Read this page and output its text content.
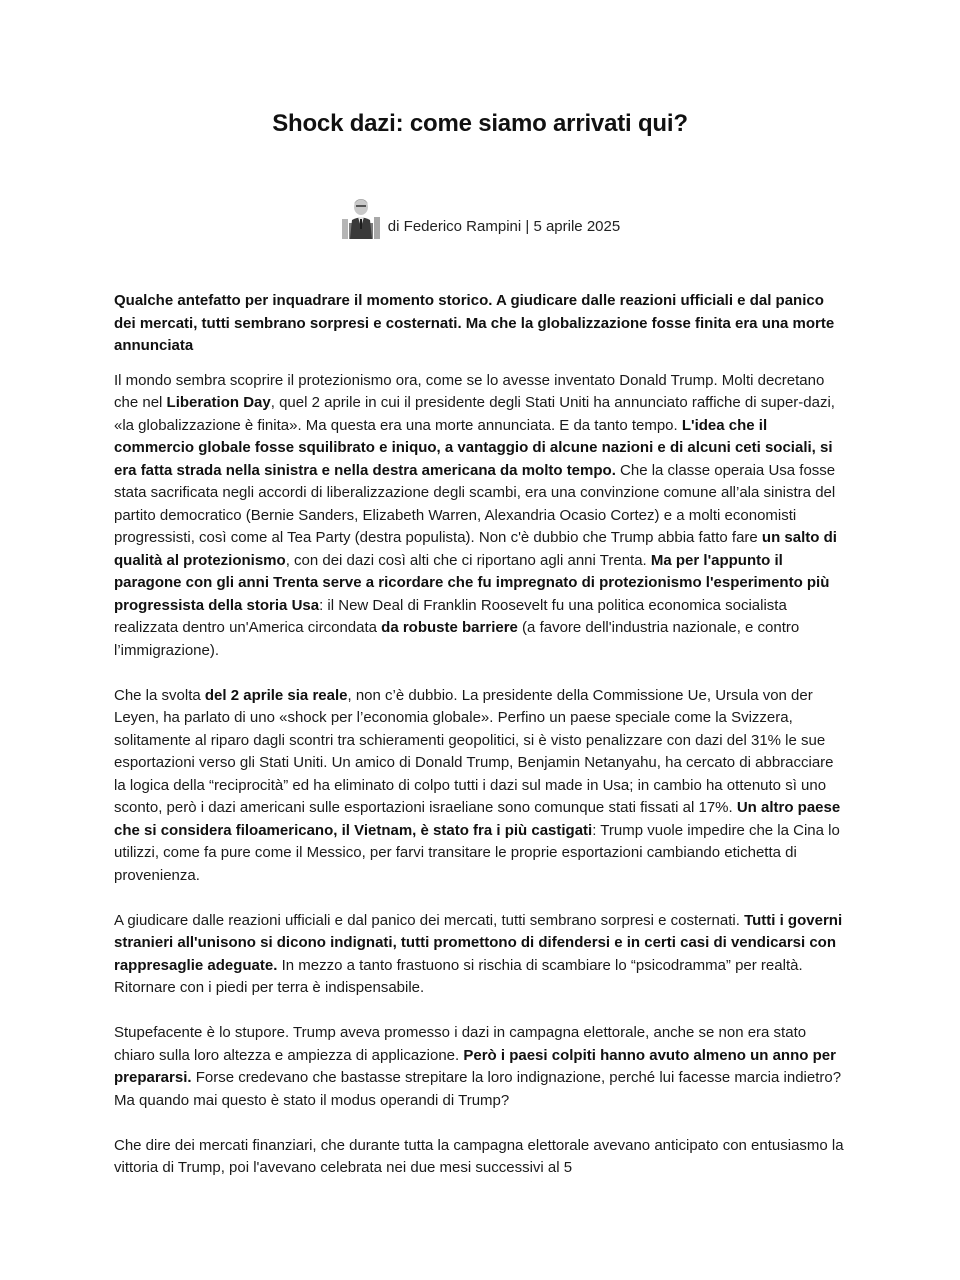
Shock dazi: come siamo arrivati qui?
di Federico Rampini | 5 aprile 2025

Qualche antefatto per inquadrare il momento storico. A giudicare dalle reazioni ufficiali e dal panico dei mercati, tutti sembrano sorpresi e costernati. Ma che la globalizzazione fosse finita era una morte annunciata

Il mondo sembra scoprire il protezionismo ora, come se lo avesse inventato Donald Trump. Molti decretano che nel Liberation Day, quel 2 aprile in cui il presidente degli Stati Uniti ha annunciato raffiche di super-dazi, «la globalizzazione è finita». Ma questa era una morte annunciata. E da tanto tempo. L'idea che il commercio globale fosse squilibrato e iniquo, a vantaggio di alcune nazioni e di alcuni ceti sociali, si era fatta strada nella sinistra e nella destra americana da molto tempo. Che la classe operaia Usa fosse stata sacrificata negli accordi di liberalizzazione degli scambi, era una convinzione comune all’ala sinistra del partito democratico (Bernie Sanders, Elizabeth Warren, Alexandria Ocasio Cortez) e a molti economisti progressisti, così come al Tea Party (destra populista). Non c'è dubbio che Trump abbia fatto fare un salto di qualità al protezionismo, con dei dazi così alti che ci riportano agli anni Trenta. Ma per l'appunto il paragone con gli anni Trenta serve a ricordare che fu impregnato di protezionismo l'esperimento più progressista della storia Usa: il New Deal di Franklin Roosevelt fu una politica economica socialista realizzata dentro un'America circondata da robuste barriere (a favore dell'industria nazionale, e contro l’immigrazione).

Che la svolta del 2 aprile sia reale, non c’è dubbio. La presidente della Commissione Ue, Ursula von der Leyen, ha parlato di uno «shock per l’economia globale». Perfino un paese speciale come la Svizzera, solitamente al riparo dagli scontri tra schieramenti geopolitici, si è visto penalizzare con dazi del 31% le sue esportazioni verso gli Stati Uniti. Un amico di Donald Trump, Benjamin Netanyahu, ha cercato di abbracciare la logica della “reciprocità” ed ha eliminato di colpo tutti i dazi sul made in Usa; in cambio ha ottenuto sì uno sconto, però i dazi americani sulle esportazioni israeliane sono comunque stati fissati al 17%. Un altro paese che si considera filoamericano, il Vietnam, è stato fra i più castigati: Trump vuole impedire che la Cina lo utilizzi, come fa pure come il Messico, per farvi transitare le proprie esportazioni cambiando etichetta di provenienza.

A giudicare dalle reazioni ufficiali e dal panico dei mercati, tutti sembrano sorpresi e costernati. Tutti i governi stranieri all'unisono si dicono indignati, tutti promettono di difendersi e in certi casi di vendicarsi con rappresaglie adeguate. In mezzo a tanto frastuono si rischia di scambiare lo “psicodramma” per realtà. Ritornare con i piedi per terra è indispensabile.

Stupefacente è lo stupore. Trump aveva promesso i dazi in campagna elettorale, anche se non era stato chiaro sulla loro altezza e ampiezza di applicazione. Però i paesi colpiti hanno avuto almeno un anno per prepararsi. Forse credevano che bastasse strepitare la loro indignazione, perché lui facesse marcia indietro? Ma quando mai questo è stato il modus operandi di Trump?

Che dire dei mercati finanziari, che durante tutta la campagna elettorale avevano anticipato con entusiasmo la vittoria di Trump, poi l'avevano celebrata nei due mesi successivi al 5
